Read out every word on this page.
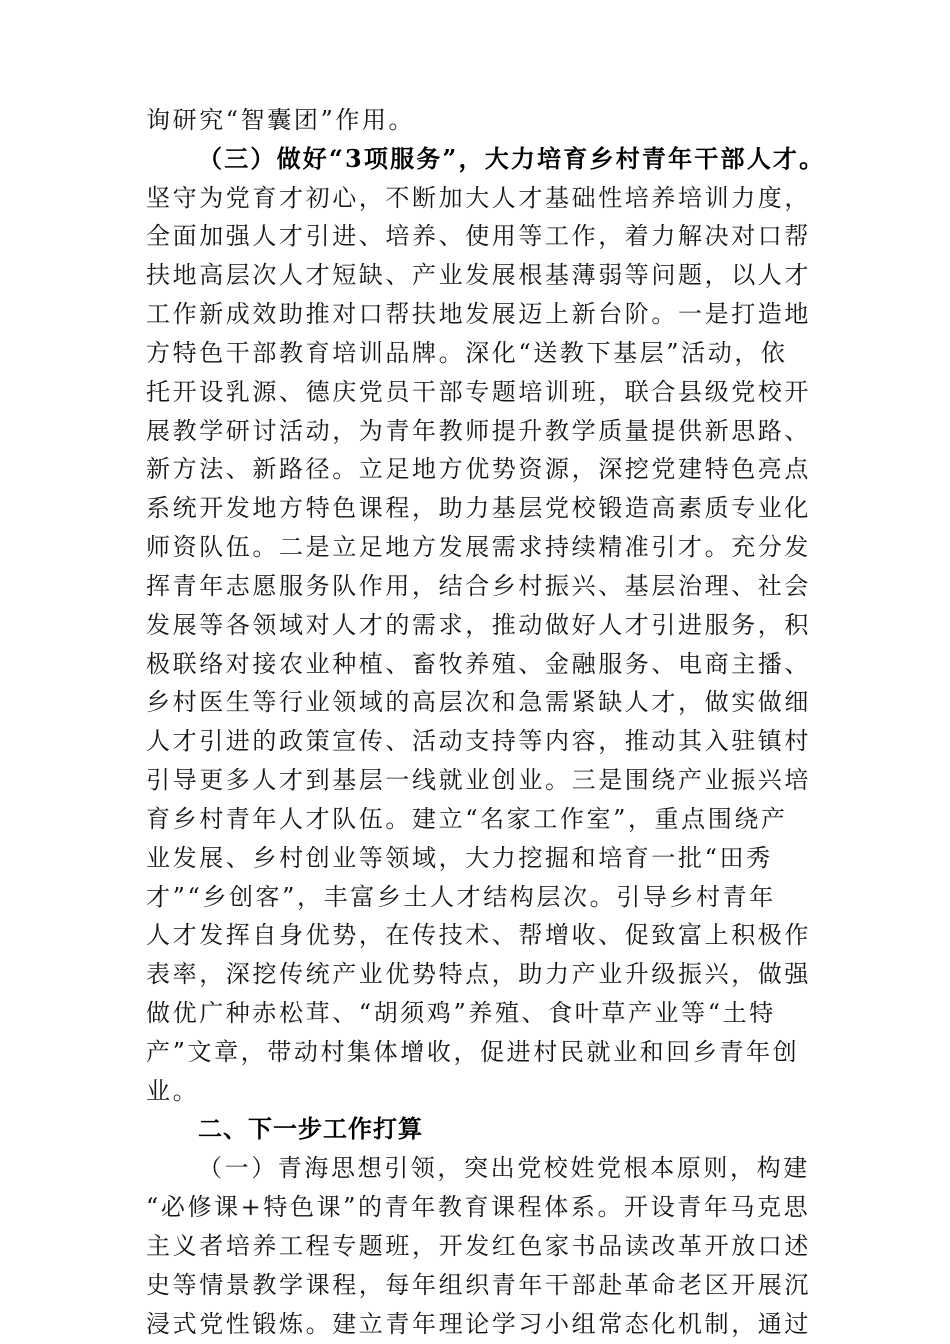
询研究“智囊团”作用。
（三）做好“3项服务”，大力培育乡村青年干部人才。
坚守为党育才初心，不断加大人才基础性培养培训力度，
全面加强人才引进、培养、使用等工作，着力解决对口帮
扶地高层次人才短缺、产业发展根基薄弱等问题，以人才
工作新成效助推对口帮扶地发展迈上新台阶。一是打造地
方特色干部教育培训品牌。深化“送教下基层”活动，依
托开设乳源、德庆党员干部专题培训班，联合县级党校开
展教学研讨活动，为青年教师提升教学质量提供新思路、
新方法、新路径。立足地方优势资源，深挖党建特色亮点
系统开发地方特色课程，助力基层党校锻造高素质专业化
师资队伍。二是立足地方发展需求持续精准引才。充分发
挥青年志愿服务队作用，结合乡村振兴、基层治理、社会
发展等各领域对人才的需求，推动做好人才引进服务，积
极联络对接农业种植、畜牧养殖、金融服务、电商主播、
乡村医生等行业领域的高层次和急需紧缺人才，做实做细
人才引进的政策宣传、活动支持等内容，推动其入驻镇村
引导更多人才到基层一线就业创业。三是围绕产业振兴培
育乡村青年人才队伍。建立“名家工作室”，重点围绕产
业发展、乡村创业等领域，大力挖掘和培育一批“田秀
才”“乡创客”，丰富乡土人才结构层次。引导乡村青年
人才发挥自身优势，在传技术、帮增收、促致富上积极作
表率，深挖传统产业优势特点，助力产业升级振兴，做强
做优广种赤松茸、“胡须鸡”养殖、食叶草产业等“土特
产”文章，带动村集体增收，促进村民就业和回乡青年创
业。
二、下一步工作打算
（一）青海思想引领，突出党校姓党根本原则，构建
“必修课+特色课”的青年教育课程体系。开设青年马克思
主义者培养工程专题班，开发红色家书品读改革开放口述
史等情景教学课程，每年组织青年干部赴革命老区开展沉
浸式党性锻炼。建立青年理论学习小组常态化机制，通过
